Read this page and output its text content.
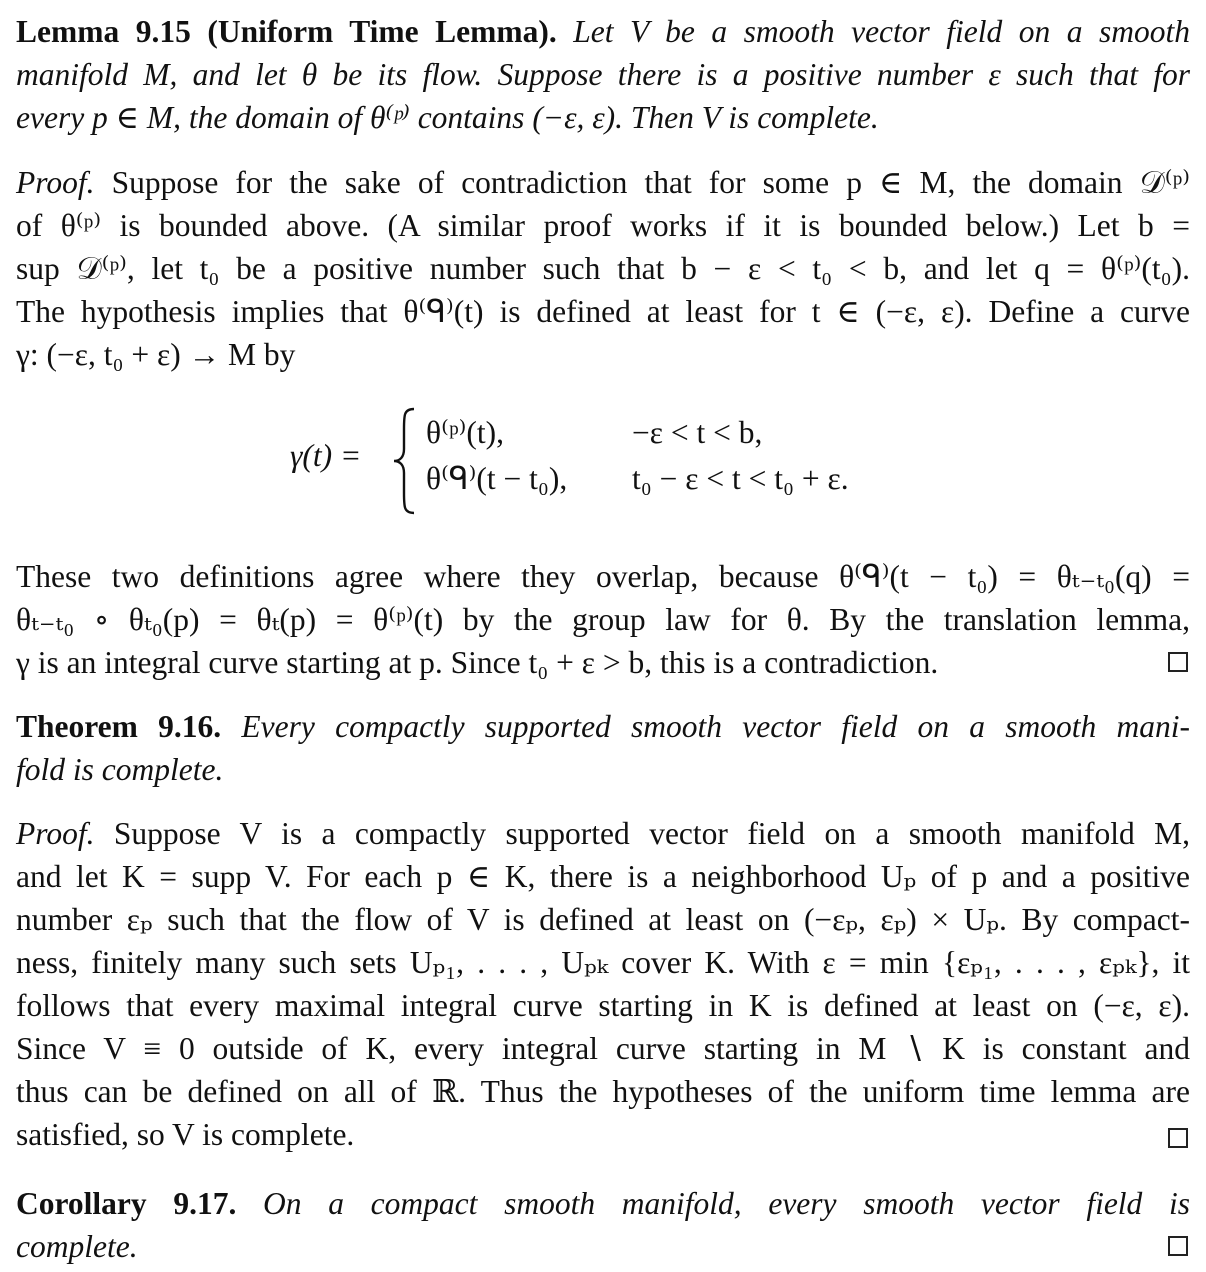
Lemma 9.15 (Uniform Time Lemma). Let V be a smooth vector field on a smooth
manifold M, and let θ be its flow. Suppose there is a positive number ε such that for
every p ∈ M, the domain of θ⁽ᵖ⁾ contains (−ε, ε). Then V is complete.
Proof. Suppose for the sake of contradiction that for some p ∈ M, the domain 𝒟⁽ᵖ⁾
of θ⁽ᵖ⁾ is bounded above. (A similar proof works if it is bounded below.) Let b =
sup 𝒟⁽ᵖ⁾, let t₀ be a positive number such that b − ε < t₀ < b, and let q = θ⁽ᵖ⁾(t₀).
The hypothesis implies that θ⁽ᑫ⁾(t) is defined at least for t ∈ (−ε, ε). Define a curve
γ: (−ε, t₀ + ε) → M by
γ(t) =
θ⁽ᵖ⁾(t),	−ε < t < b,
θ⁽ᑫ⁾(t − t₀), t₀ − ε < t < t₀ + ε.
These two definitions agree where they overlap, because θ⁽ᑫ⁾(t − t₀) = θₜ₋ₜ₀(q) =
θₜ₋ₜ₀ ∘ θₜ₀(p) = θₜ(p) = θ⁽ᵖ⁾(t) by the group law for θ. By the translation lemma,
γ is an integral curve starting at p. Since t₀ + ε > b, this is a contradiction.
Theorem 9.16. Every compactly supported smooth vector field on a smooth mani-
fold is complete.
Proof. Suppose V is a compactly supported vector field on a smooth manifold M,
and let K = supp V. For each p ∈ K, there is a neighborhood Uₚ of p and a positive
number εₚ such that the flow of V is defined at least on (−εₚ, εₚ) × Uₚ. By compact-
ness, finitely many such sets Uₚ₁, . . . , Uₚₖ cover K. With ε = min {εₚ₁, . . . , εₚₖ}, it
follows that every maximal integral curve starting in K is defined at least on (−ε, ε).
Since V ≡ 0 outside of K, every integral curve starting in M ∖ K is constant and
thus can be defined on all of ℝ. Thus the hypotheses of the uniform time lemma are
satisfied, so V is complete.
Corollary 9.17. On a compact smooth manifold, every smooth vector field is
complete.
